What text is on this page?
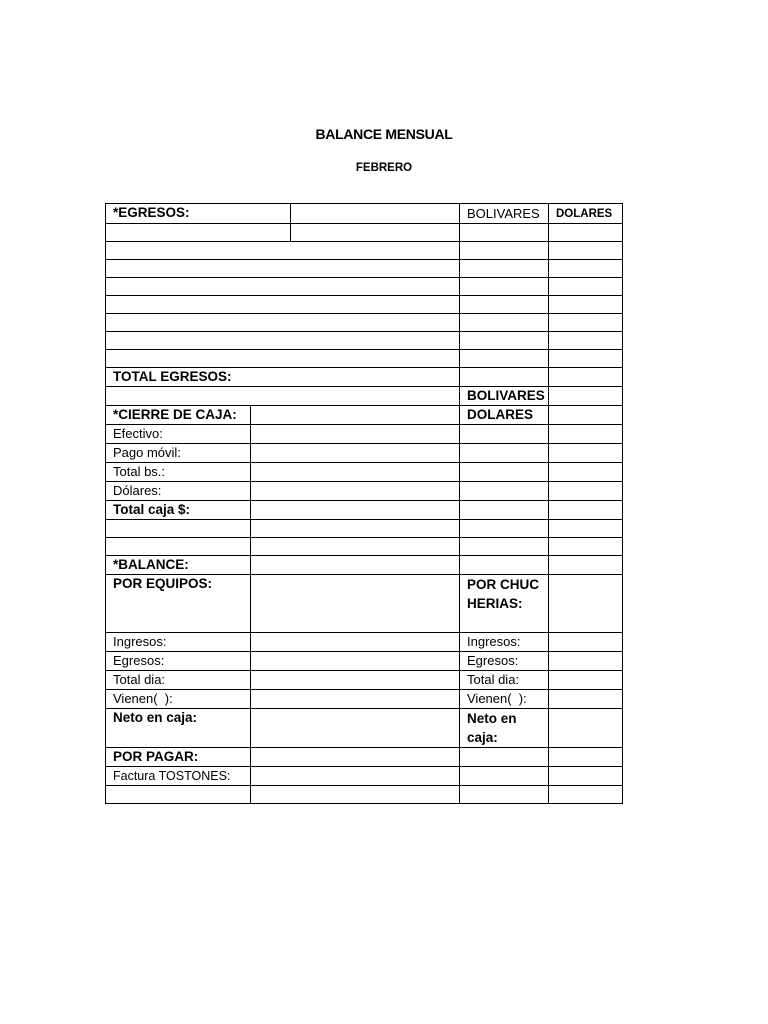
BALANCE MENSUAL
FEBRERO
*EGRESOS:			BOLIVARES	DOLARES

TOTAL EGRESOS:				
			BOLIVARES	
*CIERRE DE CAJA:			DOLARES	
Efectivo:				
Pago móvil:				
Total bs.:				
Dólares:				
Total caja $:				

*BALANCE:				
POR EQUIPOS:			POR CHUCHERIAS:	
Ingresos:			Ingresos:	
Egresos:			Egresos:	
Total dia:			Total dia:	
Vienen(  ):			Vienen(  ):	
Neto en caja:			Neto en caja:	
POR PAGAR:				
Factura TOSTONES:				
